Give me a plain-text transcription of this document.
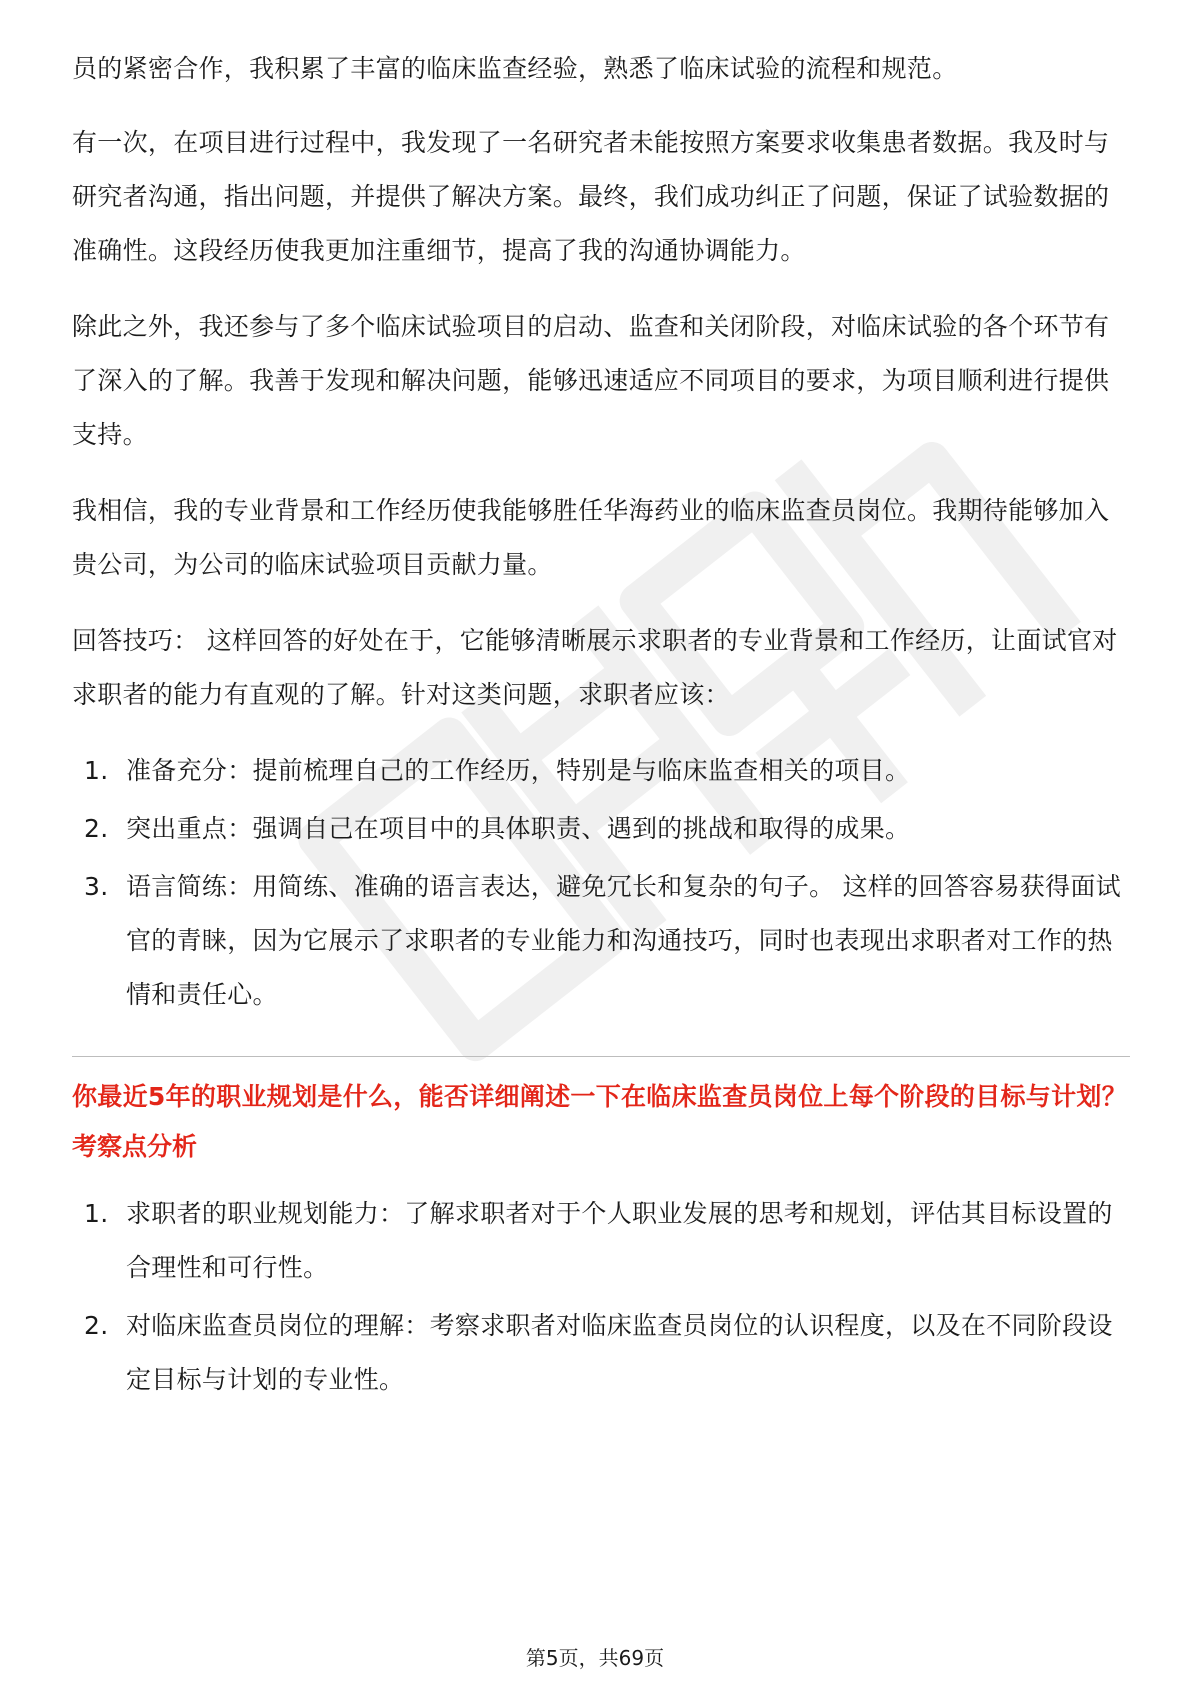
员的紧密合作，我积累了丰富的临床监查经验，熟悉了临床试验的流程和规范。

有一次，在项目进行过程中，我发现了一名研究者未能按照方案要求收集患者数据。我及时与研究者沟通，指出问题，并提供了解决方案。最终，我们成功纠正了问题，保证了试验数据的准确性。这段经历使我更加注重细节，提高了我的沟通协调能力。

除此之外，我还参与了多个临床试验项目的启动、监查和关闭阶段，对临床试验的各个环节有了深入的了解。我善于发现和解决问题，能够迅速适应不同项目的要求，为项目顺利进行提供支持。

我相信，我的专业背景和工作经历使我能够胜任华海药业的临床监查员岗位。我期待能够加入贵公司，为公司的临床试验项目贡献力量。

回答技巧： 这样回答的好处在于，它能够清晰展示求职者的专业背景和工作经历，让面试官对求职者的能力有直观的了解。针对这类问题，求职者应该：

1. 准备充分：提前梳理自己的工作经历，特别是与临床监查相关的项目。
2. 突出重点：强调自己在项目中的具体职责、遇到的挑战和取得的成果。
3. 语言简练：用简练、准确的语言表达，避免冗长和复杂的句子。 这样的回答容易获得面试官的青睐，因为它展示了求职者的专业能力和沟通技巧，同时也表现出求职者对工作的热情和责任心。

你最近5年的职业规划是什么，能否详细阐述一下在临床监查员岗位上每个阶段的目标与计划？

考察点分析

1. 求职者的职业规划能力：了解求职者对于个人职业发展的思考和规划，评估其目标设置的合理性和可行性。
2. 对临床监查员岗位的理解：考察求职者对临床监查员岗位的认识程度，以及在不同阶段设定目标与计划的专业性。
第5页，共69页
